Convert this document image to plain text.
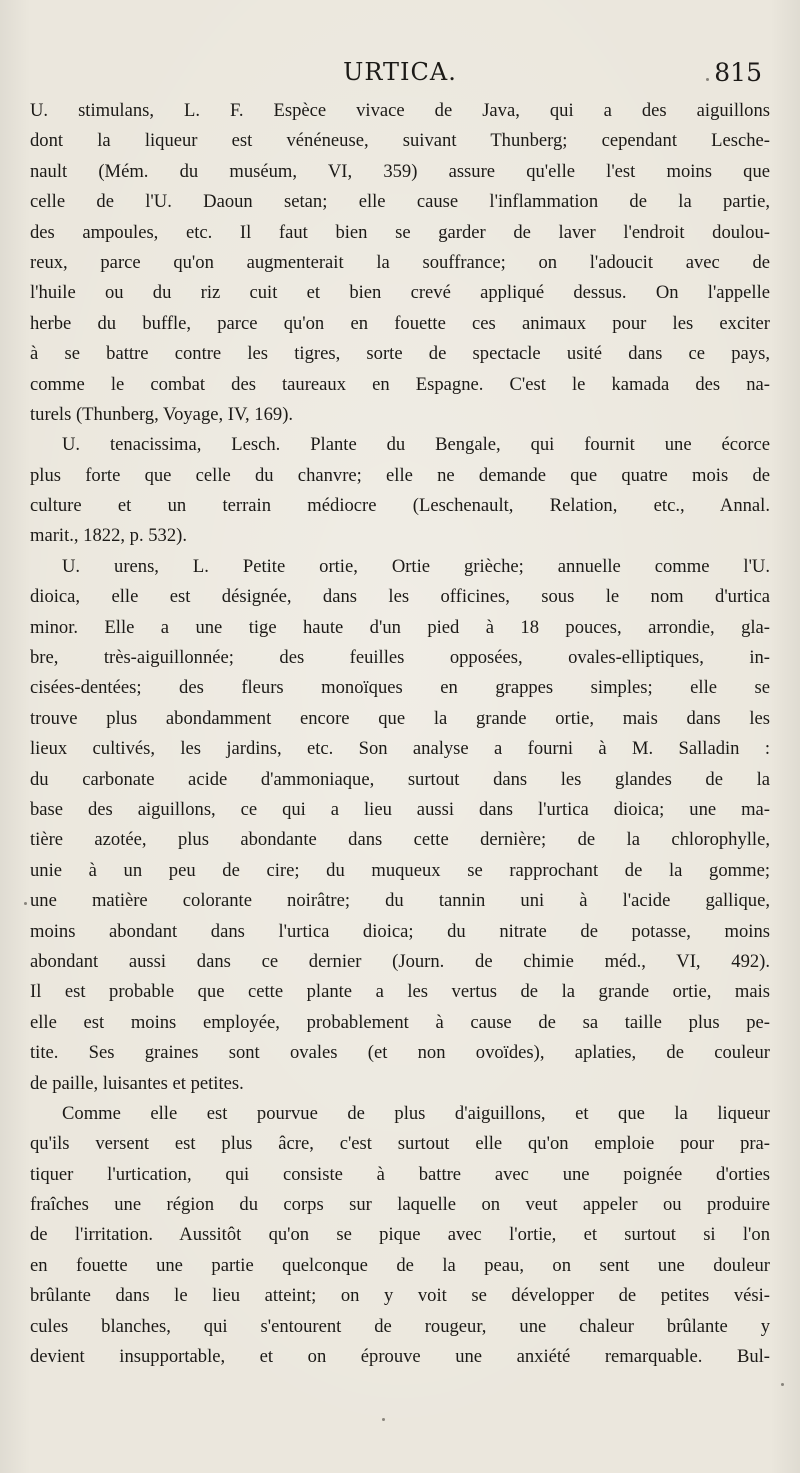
URTICA.	815
U. stimulans, L. F. Espèce vivace de Java, qui a des aiguillons
dont la liqueur est vénéneuse, suivant Thunberg; cependant Lesche-
nault (Mém. du muséum, VI, 359) assure qu'elle l'est moins que
celle de l'U. Daoun setan; elle cause l'inflammation de la partie,
des ampoules, etc. Il faut bien se garder de laver l'endroit doulou-
reux, parce qu'on augmenterait la souffrance; on l'adoucit avec de
l'huile ou du riz cuit et bien crevé appliqué dessus. On l'appelle
herbe du buffle, parce qu'on en fouette ces animaux pour les exciter
à se battre contre les tigres, sorte de spectacle usité dans ce pays,
comme le combat des taureaux en Espagne. C'est le kamada des na-
turels (Thunberg, Voyage, IV, 169).
U. tenacissima, Lesch. Plante du Bengale, qui fournit une écorce
plus forte que celle du chanvre; elle ne demande que quatre mois de
culture et un terrain médiocre (Leschenault, Relation, etc., Annal.
marit., 1822, p. 532).
U. urens, L. Petite ortie, Ortie grièche; annuelle comme l'U.
dioica, elle est désignée, dans les officines, sous le nom d'urtica
minor. Elle a une tige haute d'un pied à 18 pouces, arrondie, gla-
bre, très-aiguillonnée; des feuilles opposées, ovales-elliptiques, in-
cisées-dentées; des fleurs monoïques en grappes simples; elle se
trouve plus abondamment encore que la grande ortie, mais dans les
lieux cultivés, les jardins, etc. Son analyse a fourni à M. Salladin :
du carbonate acide d'ammoniaque, surtout dans les glandes de la
base des aiguillons, ce qui a lieu aussi dans l'urtica dioica; une ma-
tière azotée, plus abondante dans cette dernière; de la chlorophylle,
unie à un peu de cire; du muqueux se rapprochant de la gomme;
une matière colorante noirâtre; du tannin uni à l'acide gallique,
moins abondant dans l'urtica dioica; du nitrate de potasse, moins
abondant aussi dans ce dernier (Journ. de chimie méd., VI, 492).
Il est probable que cette plante a les vertus de la grande ortie, mais
elle est moins employée, probablement à cause de sa taille plus pe-
tite. Ses graines sont ovales (et non ovoïdes), aplaties, de couleur
de paille, luisantes et petites.
Comme elle est pourvue de plus d'aiguillons, et que la liqueur
qu'ils versent est plus âcre, c'est surtout elle qu'on emploie pour pra-
tiquer l'urtication, qui consiste à battre avec une poignée d'orties
fraîches une région du corps sur laquelle on veut appeler ou produire
de l'irritation. Aussitôt qu'on se pique avec l'ortie, et surtout si l'on
en fouette une partie quelconque de la peau, on sent une douleur
brûlante dans le lieu atteint; on y voit se développer de petites vési-
cules blanches, qui s'entourent de rougeur, une chaleur brûlante y
devient insupportable, et on éprouve une anxiété remarquable. Bul-
